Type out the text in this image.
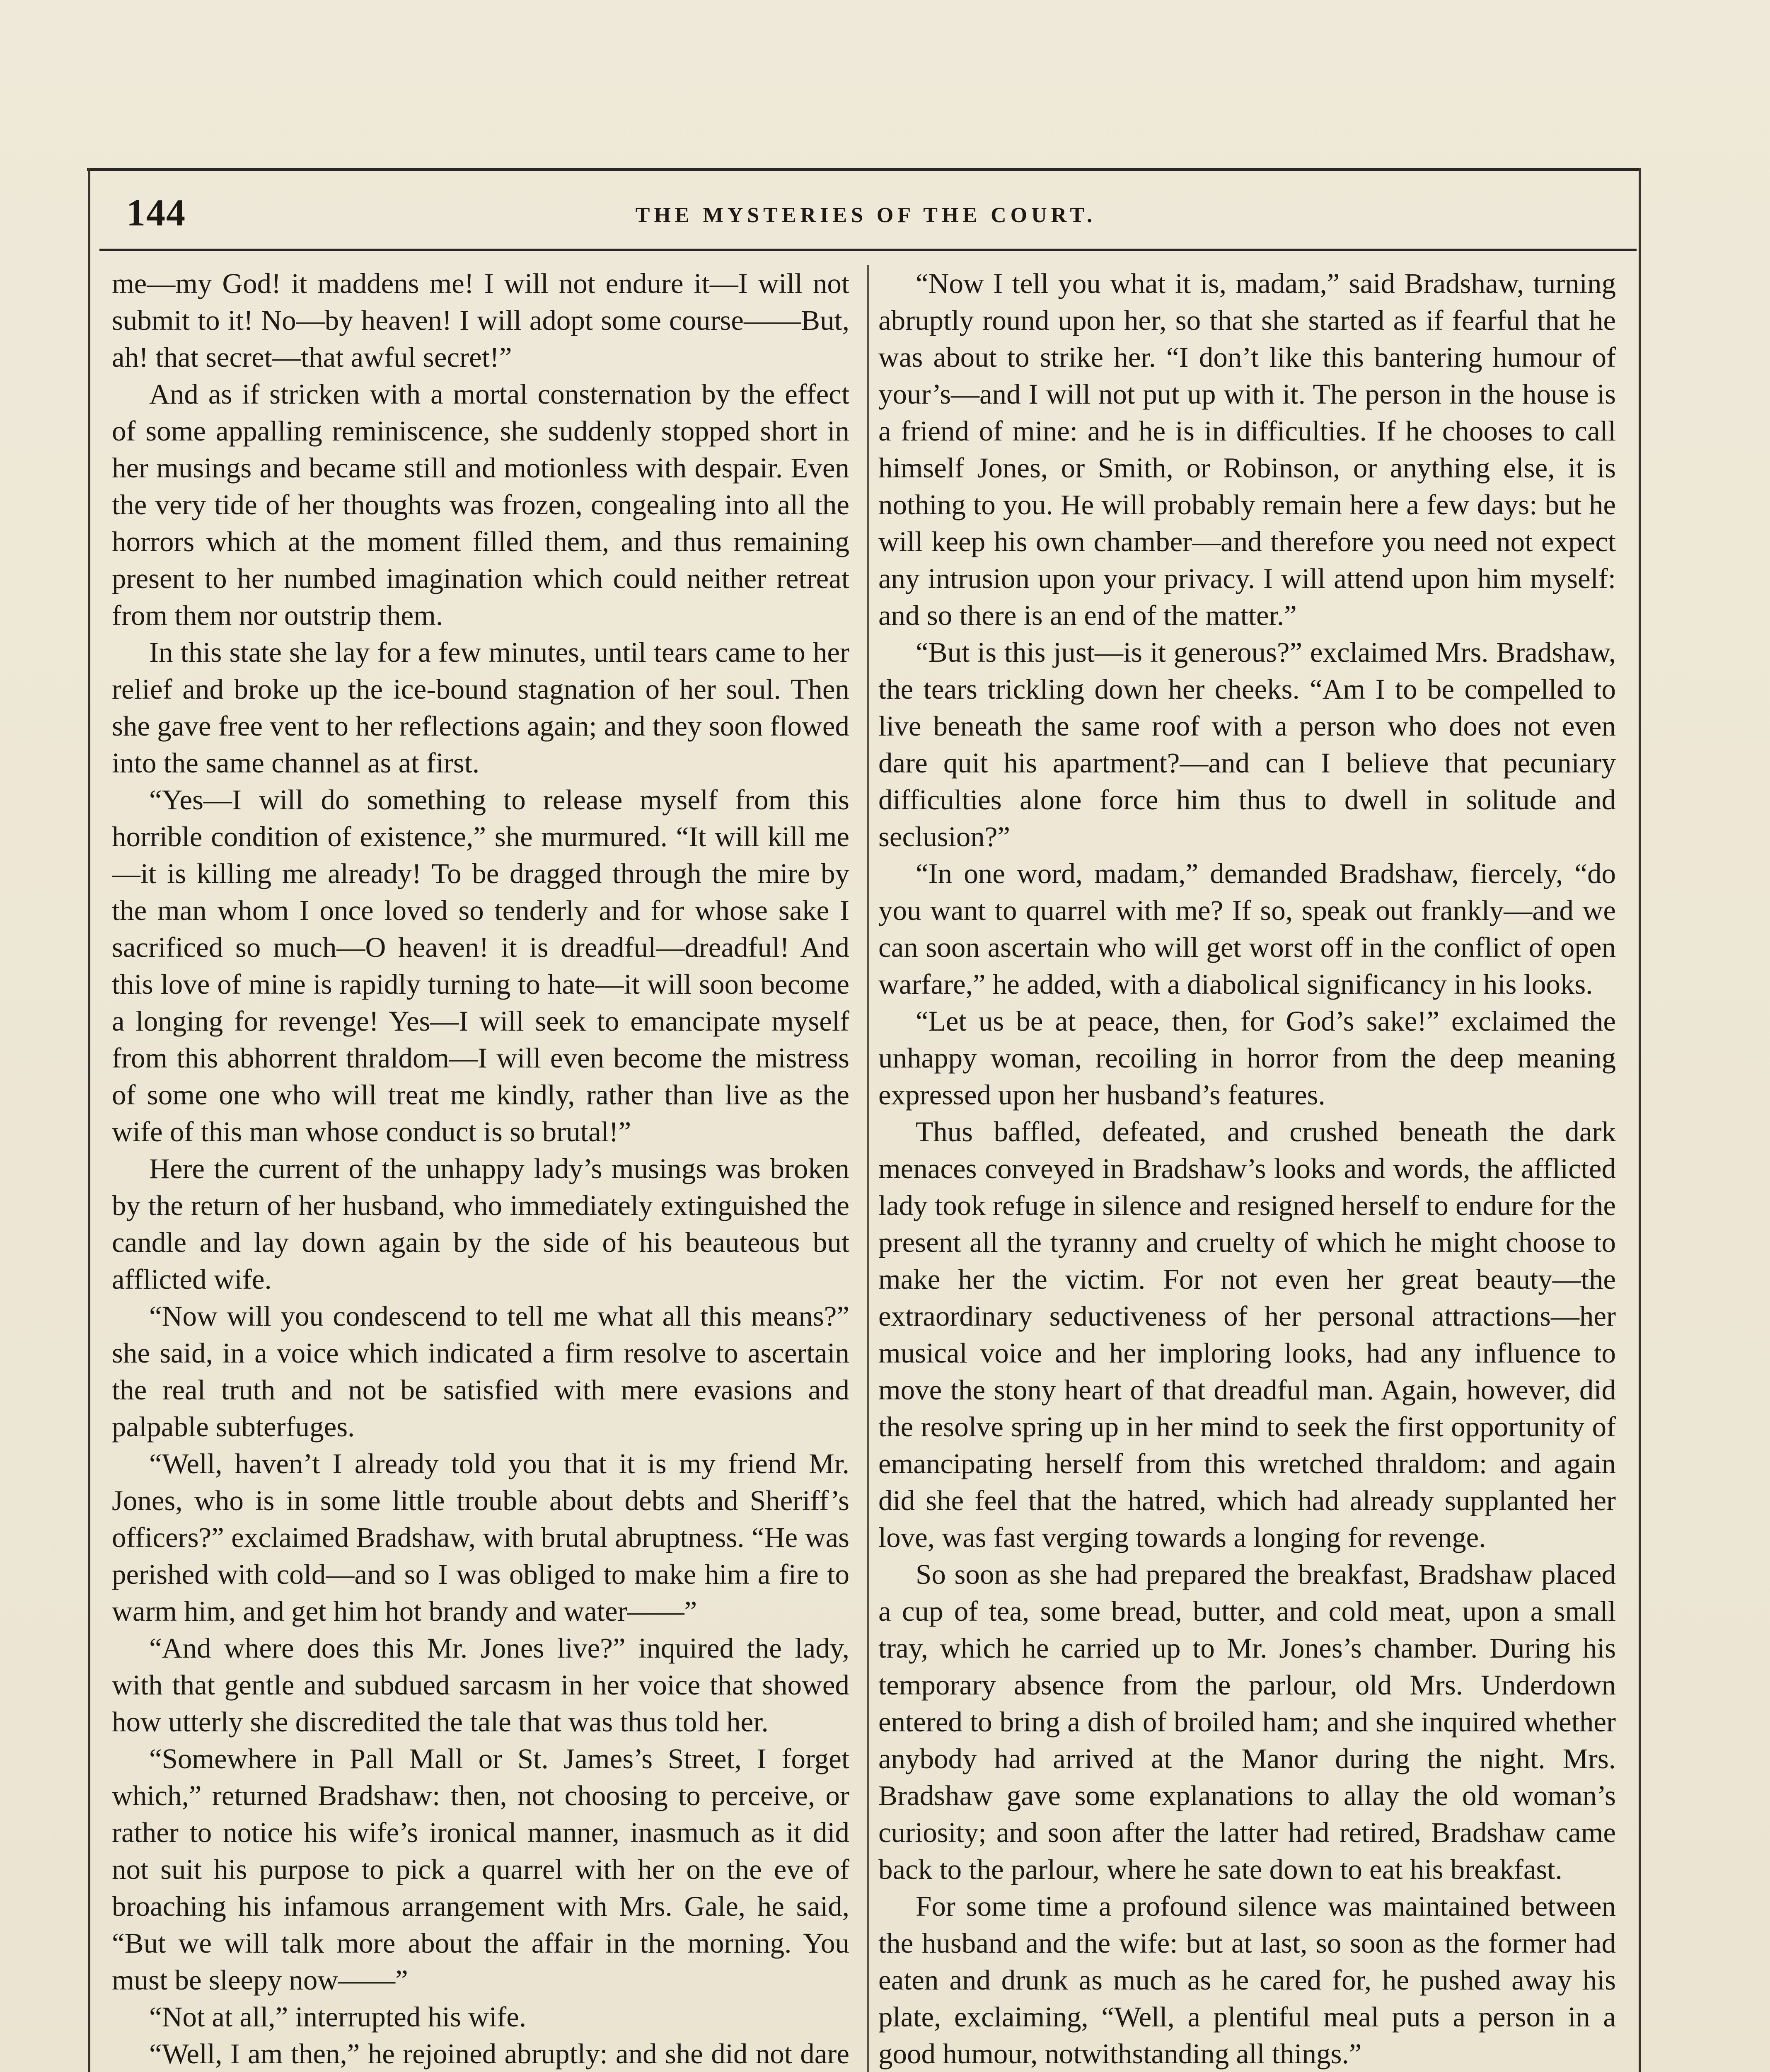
144	THE MYSTERIES OF THE COURT.

me—my God! it maddens me! I will not endure it—I will not submit to it! No—by heaven! I will adopt some course——But, ah! that secret—that awful secret!”

And as if stricken with a mortal consternation by the effect of some appalling reminiscence, she suddenly stopped short in her musings and became still and motionless with despair. Even the very tide of her thoughts was frozen, congealing into all the horrors which at the moment filled them, and thus remaining present to her numbed imagination which could neither retreat from them nor outstrip them.

In this state she lay for a few minutes, until tears came to her relief and broke up the ice-bound stagnation of her soul. Then she gave free vent to her reflections again; and they soon flowed into the same channel as at first.

“Yes—I will do something to release myself from this horrible condition of existence,” she murmured. “It will kill me—it is killing me already! To be dragged through the mire by the man whom I once loved so tenderly and for whose sake I sacrificed so much—O heaven! it is dreadful—dreadful! And this love of mine is rapidly turning to hate—it will soon become a longing for revenge! Yes—I will seek to emancipate myself from this abhorrent thraldom—I will even become the mistress of some one who will treat me kindly, rather than live as the wife of this man whose conduct is so brutal!”

Here the current of the unhappy lady’s musings was broken by the return of her husband, who immediately extinguished the candle and lay down again by the side of his beauteous but afflicted wife.

“Now will you condescend to tell me what all this means?” she said, in a voice which indicated a firm resolve to ascertain the real truth and not be satisfied with mere evasions and palpable subterfuges.

“Well, haven’t I already told you that it is my friend Mr. Jones, who is in some little trouble about debts and Sheriff’s officers?” exclaimed Bradshaw, with brutal abruptness. “He was perished with cold—and so I was obliged to make him a fire to warm him, and get him hot brandy and water——”

“And where does this Mr. Jones live?” inquired the lady, with that gentle and subdued sarcasm in her voice that showed how utterly she discredited the tale that was thus told her.

“Somewhere in Pall Mall or St. James’s Street, I forget which,” returned Bradshaw: then, not choosing to perceive, or rather to notice his wife’s ironical manner, inasmuch as it did not suit his purpose to pick a quarrel with her on the eve of broaching his infamous arrangement with Mrs. Gale, he said, “But we will talk more about the affair in the morning. You must be sleepy now——”

“Not at all,” interrupted his wife.

“Well, I am then,” he rejoined abruptly: and she did not dare

“Now I tell you what it is, madam,” said Bradshaw, turning abruptly round upon her, so that she started as if fearful that he was about to strike her. “I don’t like this bantering humour of your’s—and I will not put up with it. The person in the house is a friend of mine: and he is in difficulties. If he chooses to call himself Jones, or Smith, or Robinson, or anything else, it is nothing to you. He will probably remain here a few days: but he will keep his own chamber—and therefore you need not expect any intrusion upon your privacy. I will attend upon him myself: and so there is an end of the matter.”

“But is this just—is it generous?” exclaimed Mrs. Bradshaw, the tears trickling down her cheeks. “Am I to be compelled to live beneath the same roof with a person who does not even dare quit his apartment?—and can I believe that pecuniary difficulties alone force him thus to dwell in solitude and seclusion?”

“In one word, madam,” demanded Bradshaw, fiercely, “do you want to quarrel with me? If so, speak out frankly—and we can soon ascertain who will get worst off in the conflict of open warfare,” he added, with a diabolical significancy in his looks.

“Let us be at peace, then, for God’s sake!” exclaimed the unhappy woman, recoiling in horror from the deep meaning expressed upon her husband’s features.

Thus baffled, defeated, and crushed beneath the dark menaces conveyed in Bradshaw’s looks and words, the afflicted lady took refuge in silence and resigned herself to endure for the present all the tyranny and cruelty of which he might choose to make her the victim. For not even her great beauty—the extraordinary seductiveness of her personal attractions—her musical voice and her imploring looks, had any influence to move the stony heart of that dreadful man. Again, however, did the resolve spring up in her mind to seek the first opportunity of emancipating herself from this wretched thraldom: and again did she feel that the hatred, which had already supplanted her love, was fast verging towards a longing for revenge.

So soon as she had prepared the breakfast, Bradshaw placed a cup of tea, some bread, butter, and cold meat, upon a small tray, which he carried up to Mr. Jones’s chamber. During his temporary absence from the parlour, old Mrs. Underdown entered to bring a dish of broiled ham; and she inquired whether anybody had arrived at the Manor during the night. Mrs. Bradshaw gave some explanations to allay the old woman’s curiosity; and soon after the latter had retired, Bradshaw came back to the parlour, where he sate down to eat his breakfast.

For some time a profound silence was maintained between the husband and the wife: but at last, so soon as the former had eaten and drunk as much as he cared for, he pushed away his plate, exclaiming, “Well, a plentiful meal puts a person in a good humour, notwithstanding all things.”
